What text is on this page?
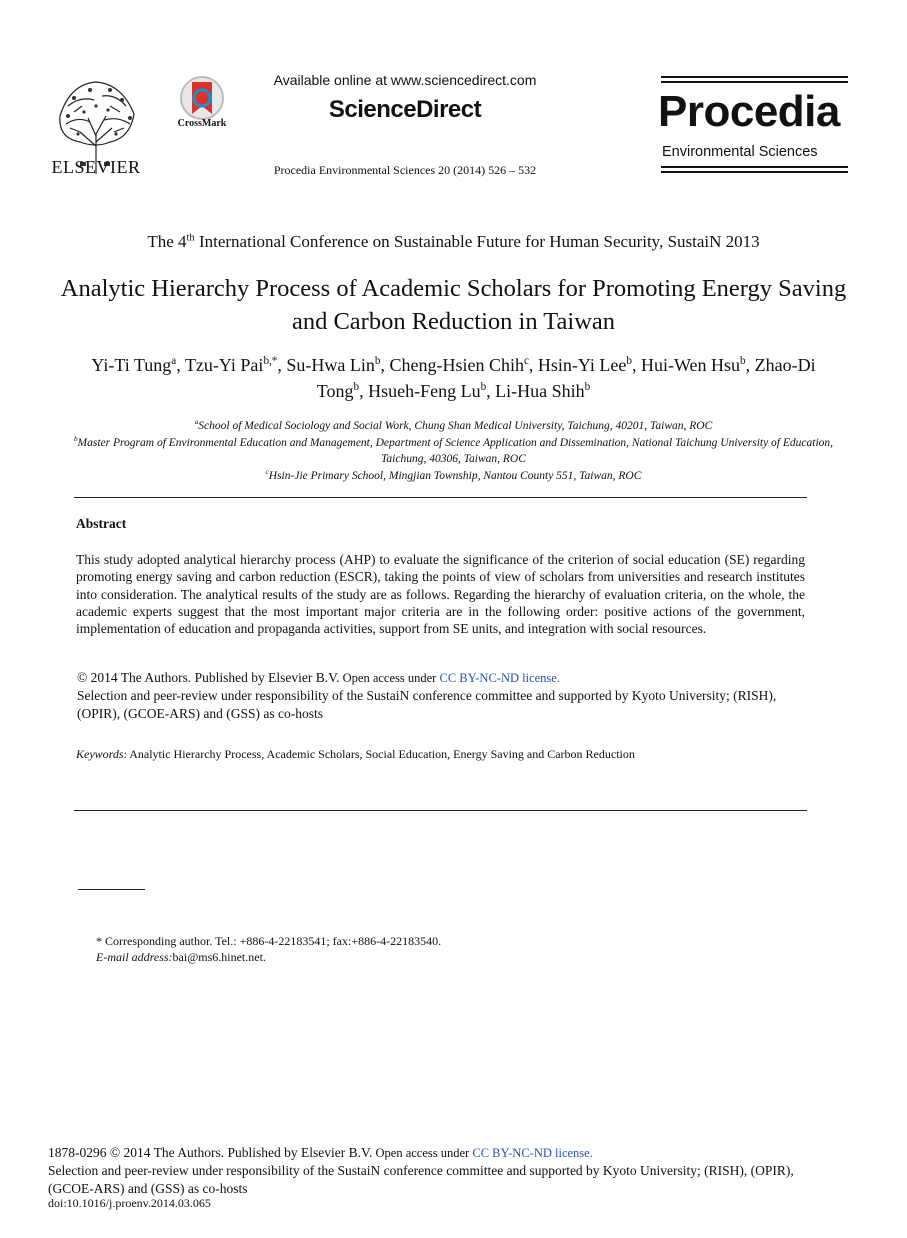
ELSEVIER
CrossMark
Available online at www.sciencedirect.com
ScienceDirect
Procedia Environmental Sciences 20 (2014) 526 – 532
Procedia
Environmental Sciences
The 4th International Conference on Sustainable Future for Human Security, SustaiN 2013
Analytic Hierarchy Process of Academic Scholars for Promoting Energy Saving and Carbon Reduction in Taiwan
Yi-Ti Tung$^a$, Tzu-Yi Pai$^{b,*}$, Su-Hwa Lin$^b$, Cheng-Hsien Chih$^c$, Hsin-Yi Lee$^b$, Hui-Wen Hsu$^b$, Zhao-Di Tong$^b$, Hsueh-Feng Lu$^b$, Li-Hua Shih$^b$
$^a$School of Medical Sociology and Social Work, Chung Shan Medical University, Taichung, 40201, Taiwan, ROC
$^b$Master Program of Environmental Education and Management, Department of Science Application and Dissemination, National Taichung University of Education, Taichung, 40306, Taiwan, ROC
$^c$Hsin-Jie Primary School, Mingjian Township, Nantou County 551, Taiwan, ROC
Abstract
This study adopted analytical hierarchy process (AHP) to evaluate the significance of the criterion of social education (SE) regarding promoting energy saving and carbon reduction (ESCR), taking the points of view of scholars from universities and research institutes into consideration. The analytical results of the study are as follows. Regarding the hierarchy of evaluation criteria, on the whole, the academic experts suggest that the most important major criteria are in the following order: positive actions of the government, implementation of education and propaganda activities, support from SE units, and integration with social resources.
© 2014 The Authors. Published by Elsevier B.V. Open access under CC BY-NC-ND license.
Selection and peer-review under responsibility of the SustaiN conference committee and supported by Kyoto University; (RISH), (OPIR), (GCOE-ARS) and (GSS) as co-hosts
Keywords: Analytic Hierarchy Process, Academic Scholars, Social Education, Energy Saving and Carbon Reduction
* Corresponding author. Tel.: +886-4-22183541; fax:+886-4-22183540.
E-mail address:bai@ms6.hinet.net.
1878-0296 © 2014 The Authors. Published by Elsevier B.V. Open access under CC BY-NC-ND license.
Selection and peer-review under responsibility of the SustaiN conference committee and supported by Kyoto University; (RISH), (OPIR), (GCOE-ARS) and (GSS) as co-hosts
doi:10.1016/j.proenv.2014.03.065
